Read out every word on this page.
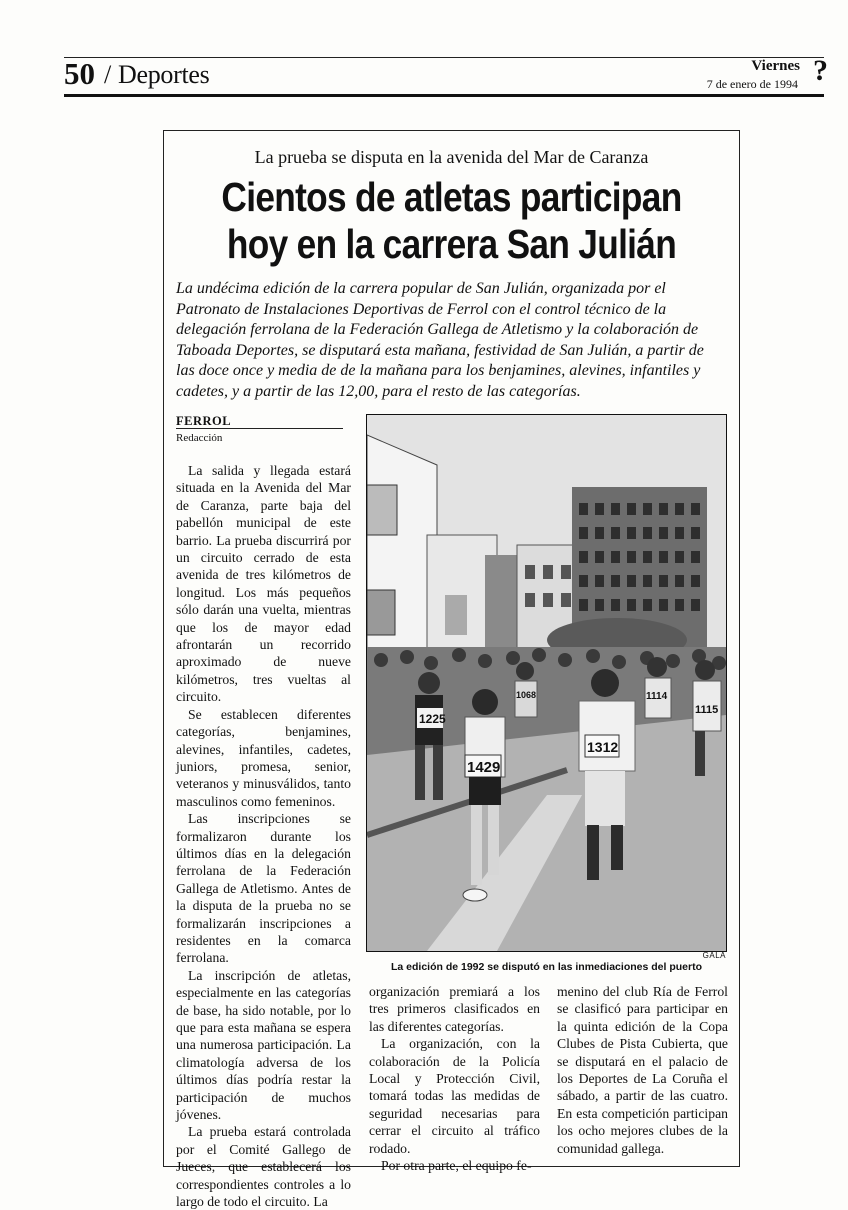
50 / Deportes	Viernes
7 de enero de 1994 ?
La prueba se disputa en la avenida del Mar de Caranza
Cientos de atletas participan
hoy en la carrera San Julián
La undécima edición de la carrera popular de San Julián, organizada por el Patronato de Instalaciones Deportivas de Ferrol con el control técnico de la delegación ferrolana de la Federación Gallega de Atletismo y la colaboración de Taboada Deportes, se disputará esta mañana, festividad de San Julián, a partir de las doce once y media de de la mañana para los benjamines, alevines, infantiles y cadetes, y a partir de las 12,00, para el resto de las categorías.
FERROL
Redacción

La salida y llegada estará situada en la Avenida del Mar de Caranza, parte baja del pabellón municipal de este barrio. La prueba discurrirá por un circuito cerrado de esta avenida de tres kilómetros de longitud. Los más pequeños sólo darán una vuelta, mientras que los de mayor edad afrontarán un recorrido aproximado de nueve kilómetros, tres vueltas al circuito.

Se establecen diferentes categorías, benjamines, alevines, infantiles, cadetes, juniors, promesa, senior, veteranos y minusválidos, tanto masculinos como femeninos.

Las inscripciones se formalizaron durante los últimos días en la delegación ferrolana de la Federación Gallega de Atletismo. Antes de la disputa de la prueba no se formalizarán inscripciones a residentes en la comarca ferrolana.

La inscripción de atletas, especialmente en las categorías de base, ha sido notable, por lo que para esta mañana se espera una numerosa participación. La climatología adversa de los últimos días podría restar la participación de muchos jóvenes.

La prueba estará controlada por el Comité Gallego de Jueces, que establecerá los correspondientes controles a lo largo de todo el circuito. La

1225
1429
1312
1115
1114
1068
GALA
La edición de 1992 se disputó en las inmediaciones del puerto

organización premiará a los tres primeros clasificados en las diferentes categorías.

La organización, con la colaboración de la Policía Local y Protección Civil, tomará todas las medidas de seguridad necesarias para cerrar el circuito al tráfico rodado.

Por otra parte, el equipo fe-

menino del club Ría de Ferrol se clasificó para participar en la quinta edición de la Copa Clubes de Pista Cubierta, que se disputará en el palacio de los Deportes de La Coruña el sábado, a partir de las cuatro. En esta competición participan los ocho mejores clubes de la comunidad gallega.
